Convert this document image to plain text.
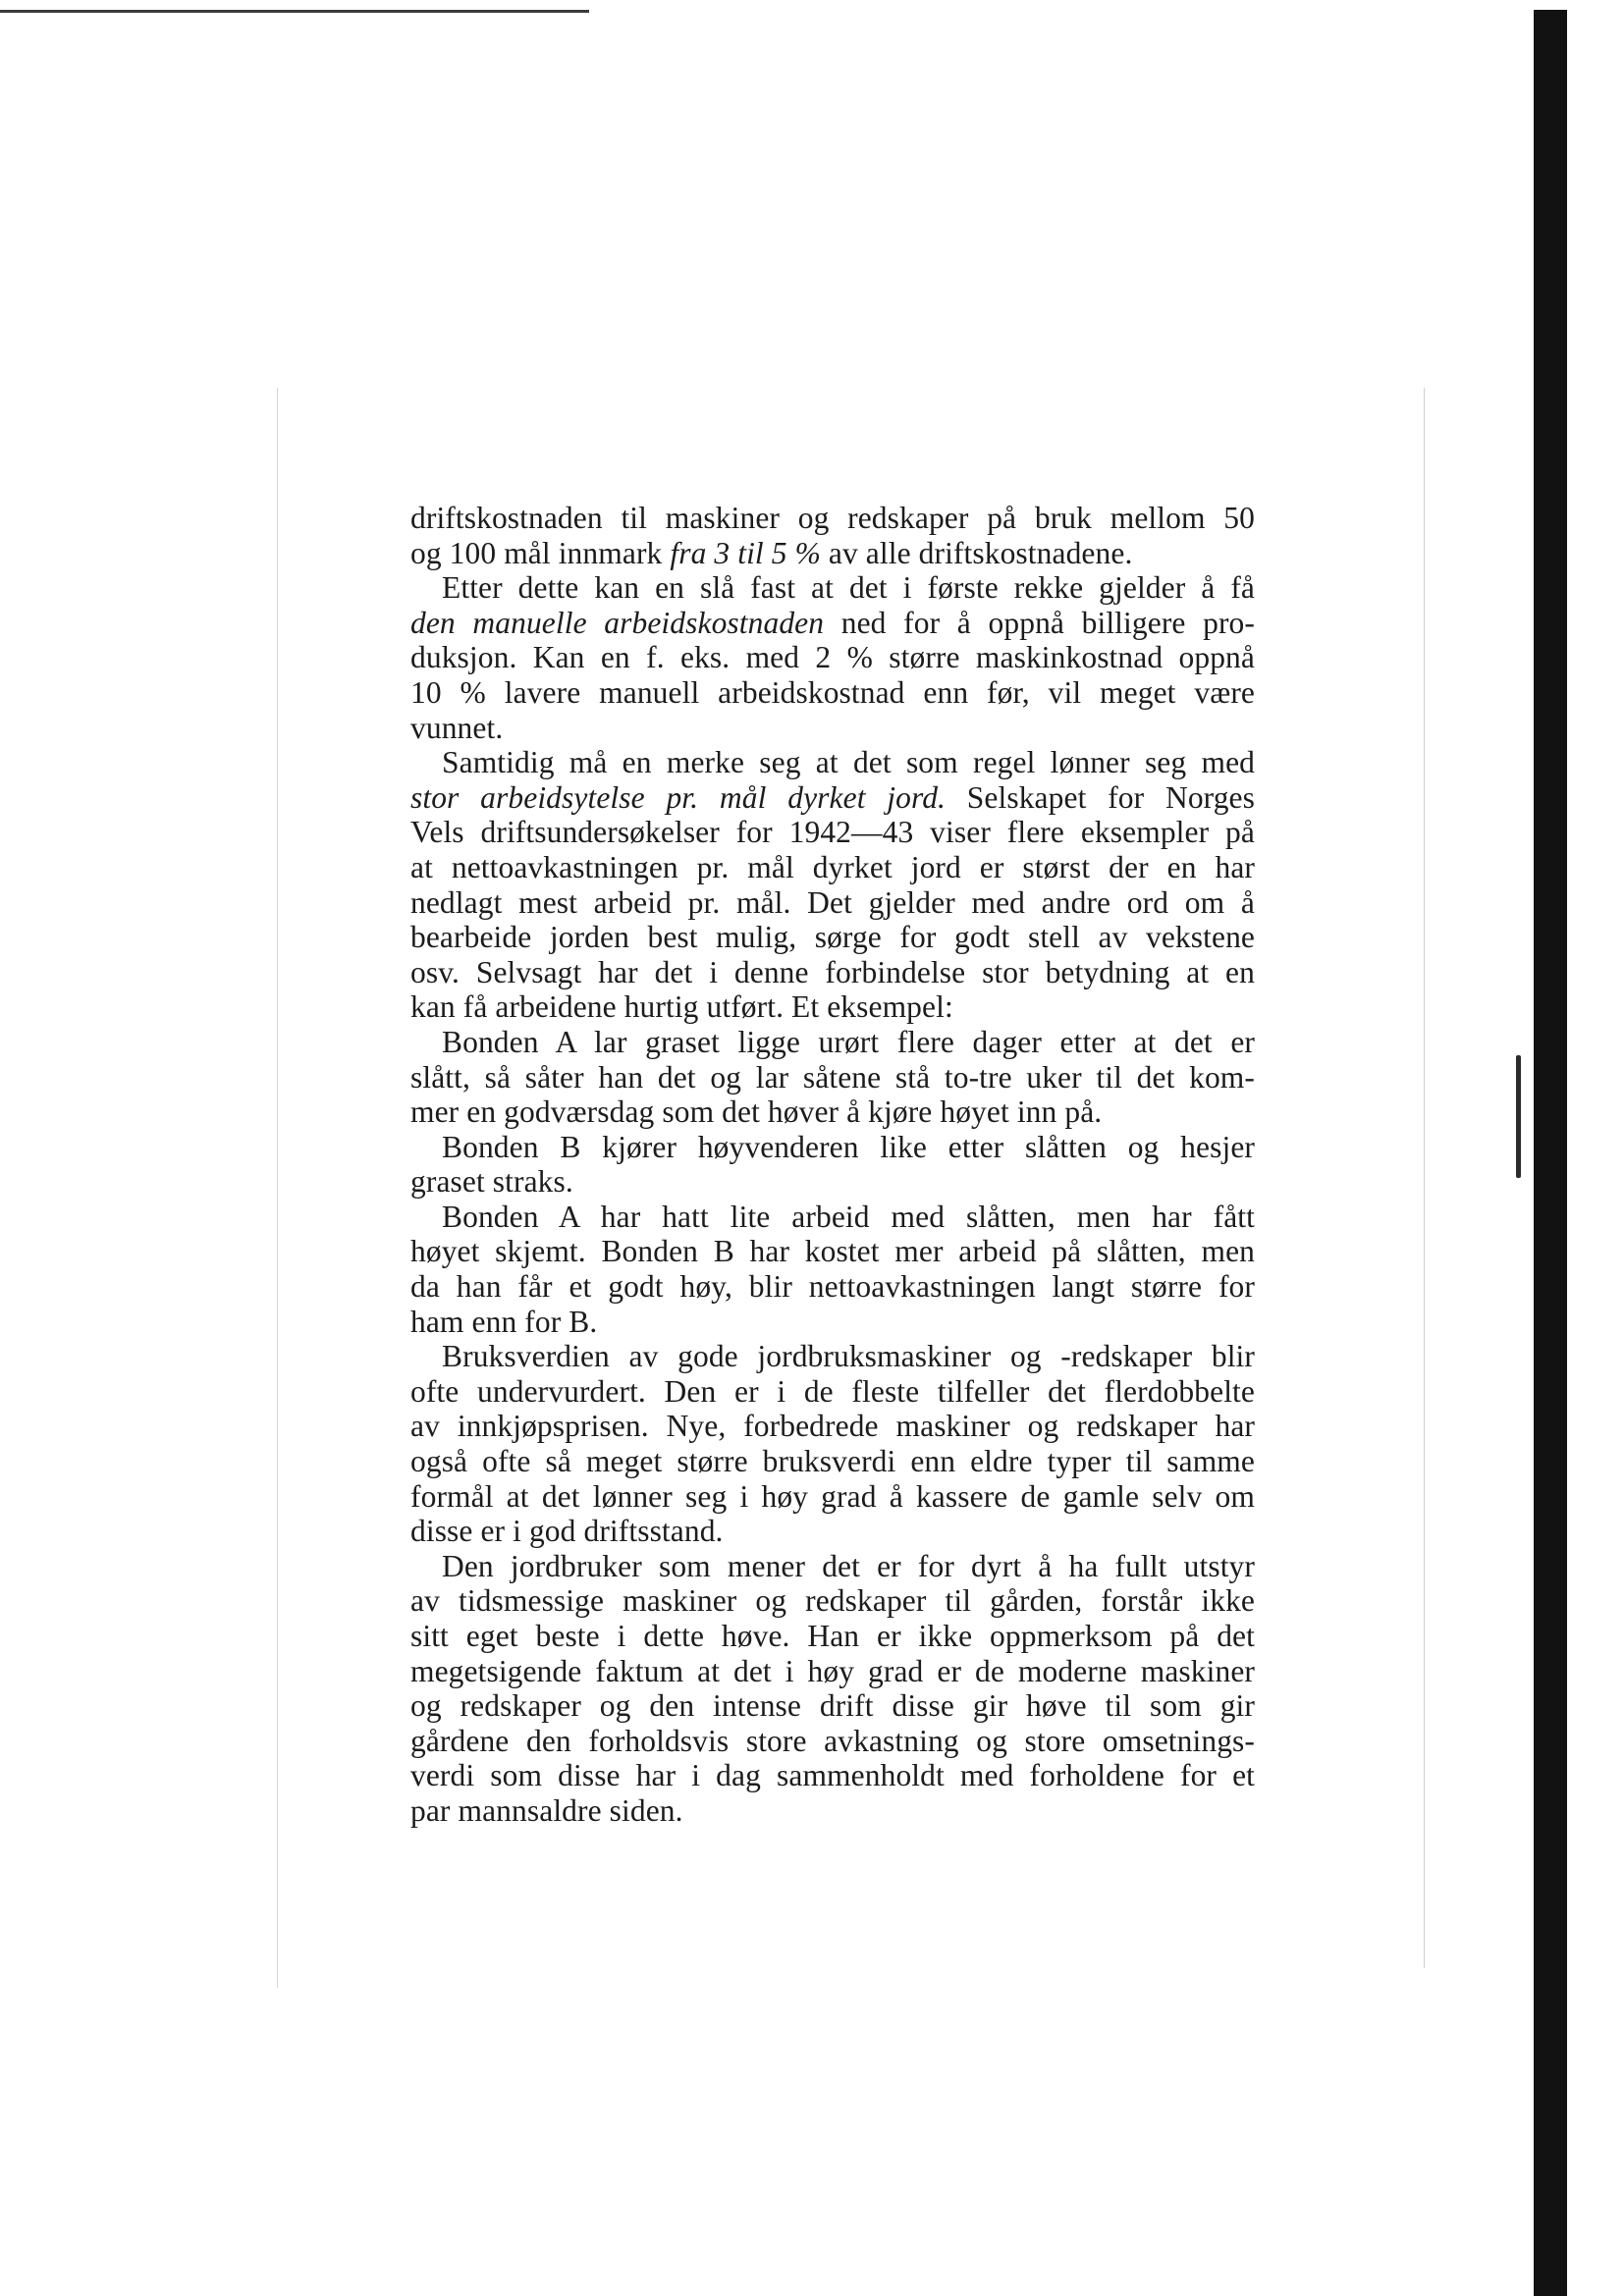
driftskostnaden til maskiner og redskaper på bruk mellom 50
og 100 mål innmark fra 3 til 5 % av alle driftskostnadene.
Etter dette kan en slå fast at det i første rekke gjelder å få
den manuelle arbeidskostnaden ned for å oppnå billigere pro-
duksjon. Kan en f. eks. med 2 % større maskinkostnad oppnå
10 % lavere manuell arbeidskostnad enn før, vil meget være
vunnet.
Samtidig må en merke seg at det som regel lønner seg med
stor arbeidsytelse pr. mål dyrket jord. Selskapet for Norges
Vels driftsundersøkelser for 1942—43 viser flere eksempler på
at nettoavkastningen pr. mål dyrket jord er størst der en har
nedlagt mest arbeid pr. mål. Det gjelder med andre ord om å
bearbeide jorden best mulig, sørge for godt stell av vekstene
osv. Selvsagt har det i denne forbindelse stor betydning at en
kan få arbeidene hurtig utført. Et eksempel:
Bonden A lar graset ligge urørt flere dager etter at det er
slått, så såter han det og lar såtene stå to-tre uker til det kom-
mer en godværsdag som det høver å kjøre høyet inn på.
Bonden B kjører høyvenderen like etter slåtten og hesjer
graset straks.
Bonden A har hatt lite arbeid med slåtten, men har fått
høyet skjemt. Bonden B har kostet mer arbeid på slåtten, men
da han får et godt høy, blir nettoavkastningen langt større for
ham enn for B.
Bruksverdien av gode jordbruksmaskiner og -redskaper blir
ofte undervurdert. Den er i de fleste tilfeller det flerdobbelte
av innkjøpsprisen. Nye, forbedrede maskiner og redskaper har
også ofte så meget større bruksverdi enn eldre typer til samme
formål at det lønner seg i høy grad å kassere de gamle selv om
disse er i god driftsstand.
Den jordbruker som mener det er for dyrt å ha fullt utstyr
av tidsmessige maskiner og redskaper til gården, forstår ikke
sitt eget beste i dette høve. Han er ikke oppmerksom på det
megetsigende faktum at det i høy grad er de moderne maskiner
og redskaper og den intense drift disse gir høve til som gir
gårdene den forholdsvis store avkastning og store omsetnings-
verdi som disse har i dag sammenholdt med forholdene for et
par mannsaldre siden.
